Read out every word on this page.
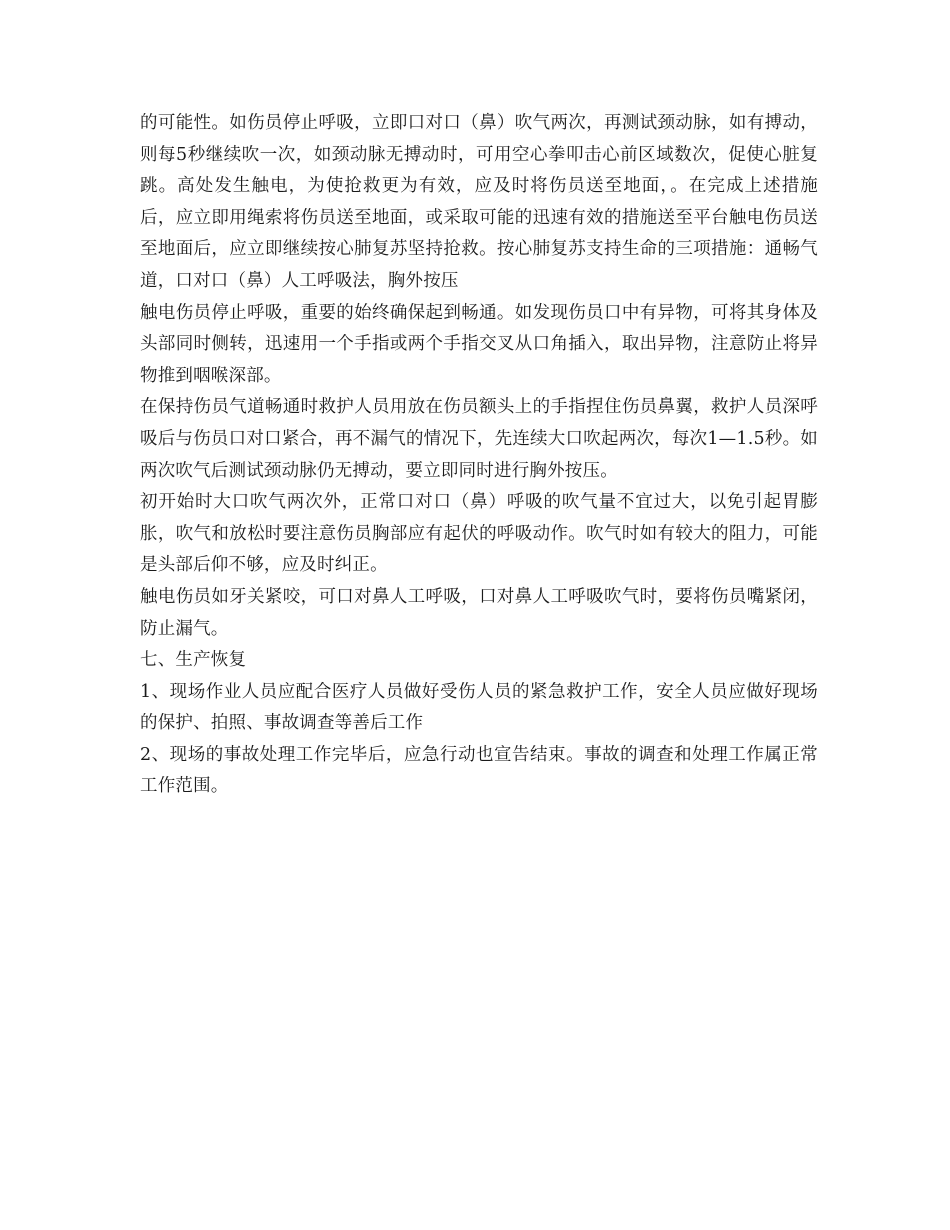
的可能性。如伤员停止呼吸，立即口对口（鼻）吹气两次，再测试颈动脉，如有搏动，则每5秒继续吹一次，如颈动脉无搏动时，可用空心拳叩击心前区域数次，促使心脏复跳。高处发生触电，为使抢救更为有效，应及时将伤员送至地面，。在完成上述措施后，应立即用绳索将伤员送至地面，或采取可能的迅速有效的措施送至平台触电伤员送至地面后，应立即继续按心肺复苏坚持抢救。按心肺复苏支持生命的三项措施：通畅气道，口对口（鼻）人工呼吸法，胸外按压

触电伤员停止呼吸，重要的始终确保起到畅通。如发现伤员口中有异物，可将其身体及头部同时侧转，迅速用一个手指或两个手指交叉从口角插入，取出异物，注意防止将异物推到咽喉深部。

在保持伤员气道畅通时救护人员用放在伤员额头上的手指捏住伤员鼻翼，救护人员深呼吸后与伤员口对口紧合，再不漏气的情况下，先连续大口吹起两次，每次1—1.5秒。如两次吹气后测试颈动脉仍无搏动，要立即同时进行胸外按压。

初开始时大口吹气两次外，正常口对口（鼻）呼吸的吹气量不宜过大，以免引起胃膨胀，吹气和放松时要注意伤员胸部应有起伏的呼吸动作。吹气时如有较大的阻力，可能是头部后仰不够，应及时纠正。

触电伤员如牙关紧咬，可口对鼻人工呼吸，口对鼻人工呼吸吹气时，要将伤员嘴紧闭，防止漏气。

七、生产恢复

1、现场作业人员应配合医疗人员做好受伤人员的紧急救护工作，安全人员应做好现场的保护、拍照、事故调查等善后工作

2、现场的事故处理工作完毕后，应急行动也宣告结束。事故的调查和处理工作属正常工作范围。
